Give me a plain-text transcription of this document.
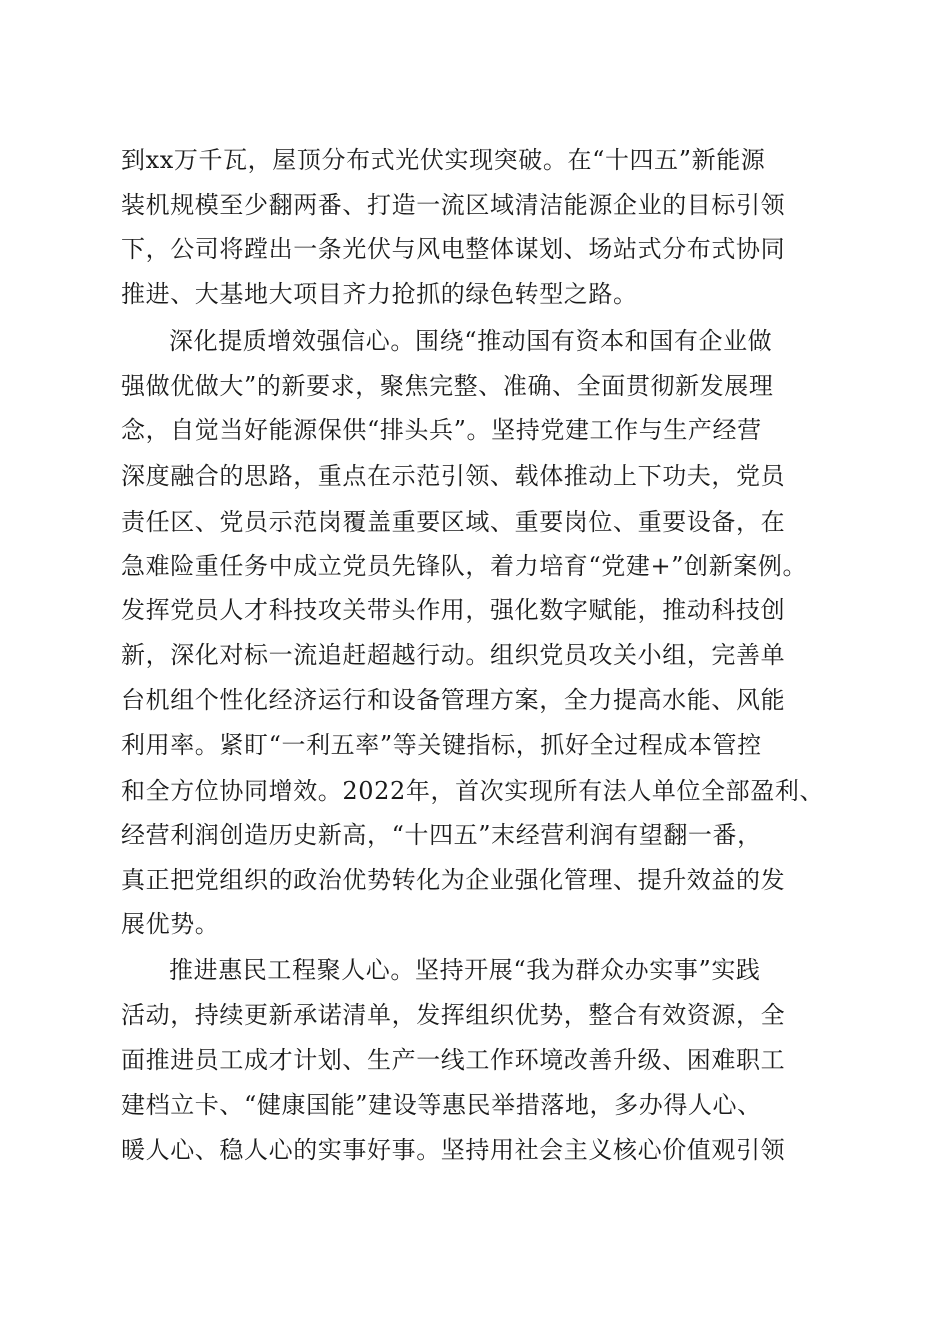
到xx万千瓦，屋顶分布式光伏实现突破。在“十四五”新能源
装机规模至少翻两番、打造一流区域清洁能源企业的目标引领
下，公司将蹚出一条光伏与风电整体谋划、场站式分布式协同
推进、大基地大项目齐力抢抓的绿色转型之路。
深化提质增效强信心。围绕“推动国有资本和国有企业做
强做优做大”的新要求，聚焦完整、准确、全面贯彻新发展理
念，自觉当好能源保供“排头兵”。坚持党建工作与生产经营
深度融合的思路，重点在示范引领、载体推动上下功夫，党员
责任区、党员示范岗覆盖重要区域、重要岗位、重要设备，在
急难险重任务中成立党员先锋队，着力培育“党建+”创新案例。
发挥党员人才科技攻关带头作用，强化数字赋能，推动科技创
新，深化对标一流追赶超越行动。组织党员攻关小组，完善单
台机组个性化经济运行和设备管理方案，全力提高水能、风能
利用率。紧盯“一利五率”等关键指标，抓好全过程成本管控
和全方位协同增效。2022年，首次实现所有法人单位全部盈利、
经营利润创造历史新高，“十四五”末经营利润有望翻一番，
真正把党组织的政治优势转化为企业强化管理、提升效益的发
展优势。
推进惠民工程聚人心。坚持开展“我为群众办实事”实践
活动，持续更新承诺清单，发挥组织优势，整合有效资源，全
面推进员工成才计划、生产一线工作环境改善升级、困难职工
建档立卡、“健康国能”建设等惠民举措落地，多办得人心、
暖人心、稳人心的实事好事。坚持用社会主义核心价值观引领
